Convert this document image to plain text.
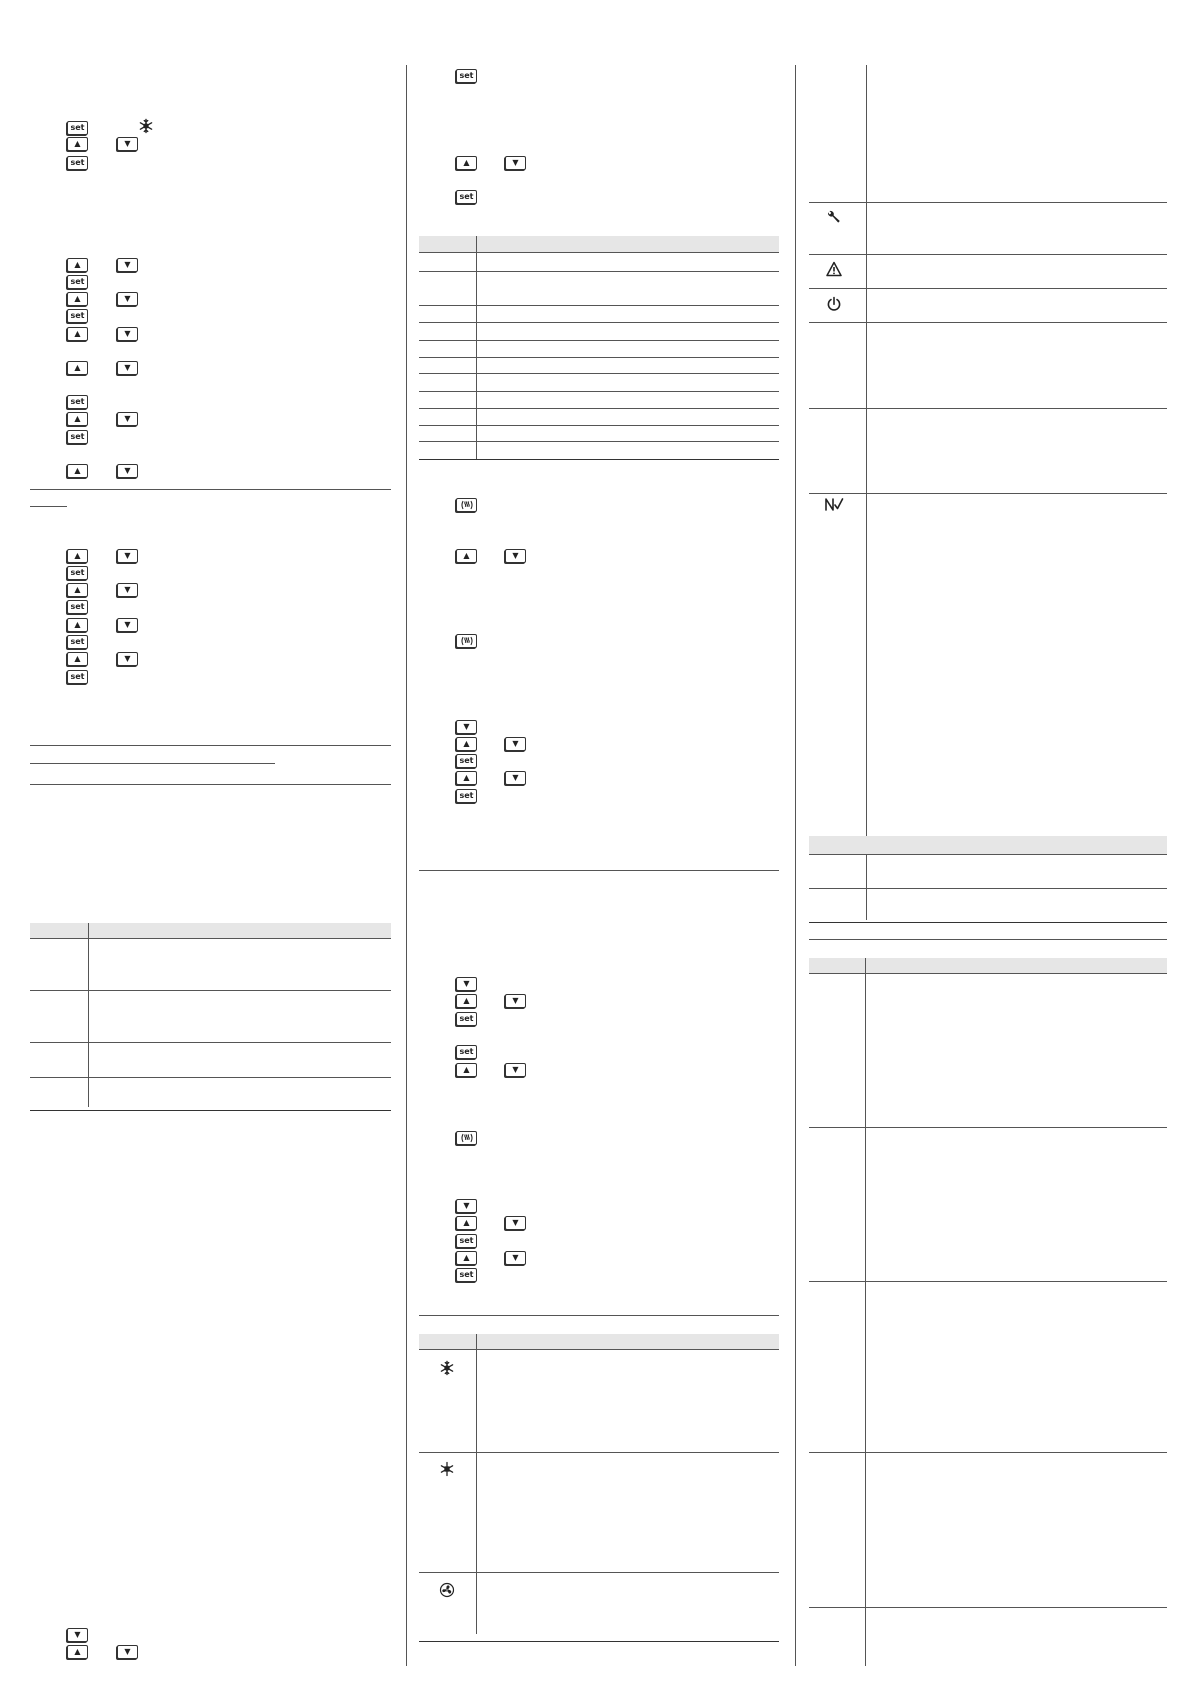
set
▲	▼
set
▲	▼
set
▲	▼
set
▲	▼
▲	▼
set
▲	▼
set
▲	▼
▲	▼
set
▲	▼
set
▲	▼
set
▲	▼
set
▼
▲	▼
set
▲	▼
set
▲	▼
▼
▲	▼
set
▲	▼
set
▼
▲	▼
set
set
▲	▼
▼
▲	▼
set
▲	▼
set
